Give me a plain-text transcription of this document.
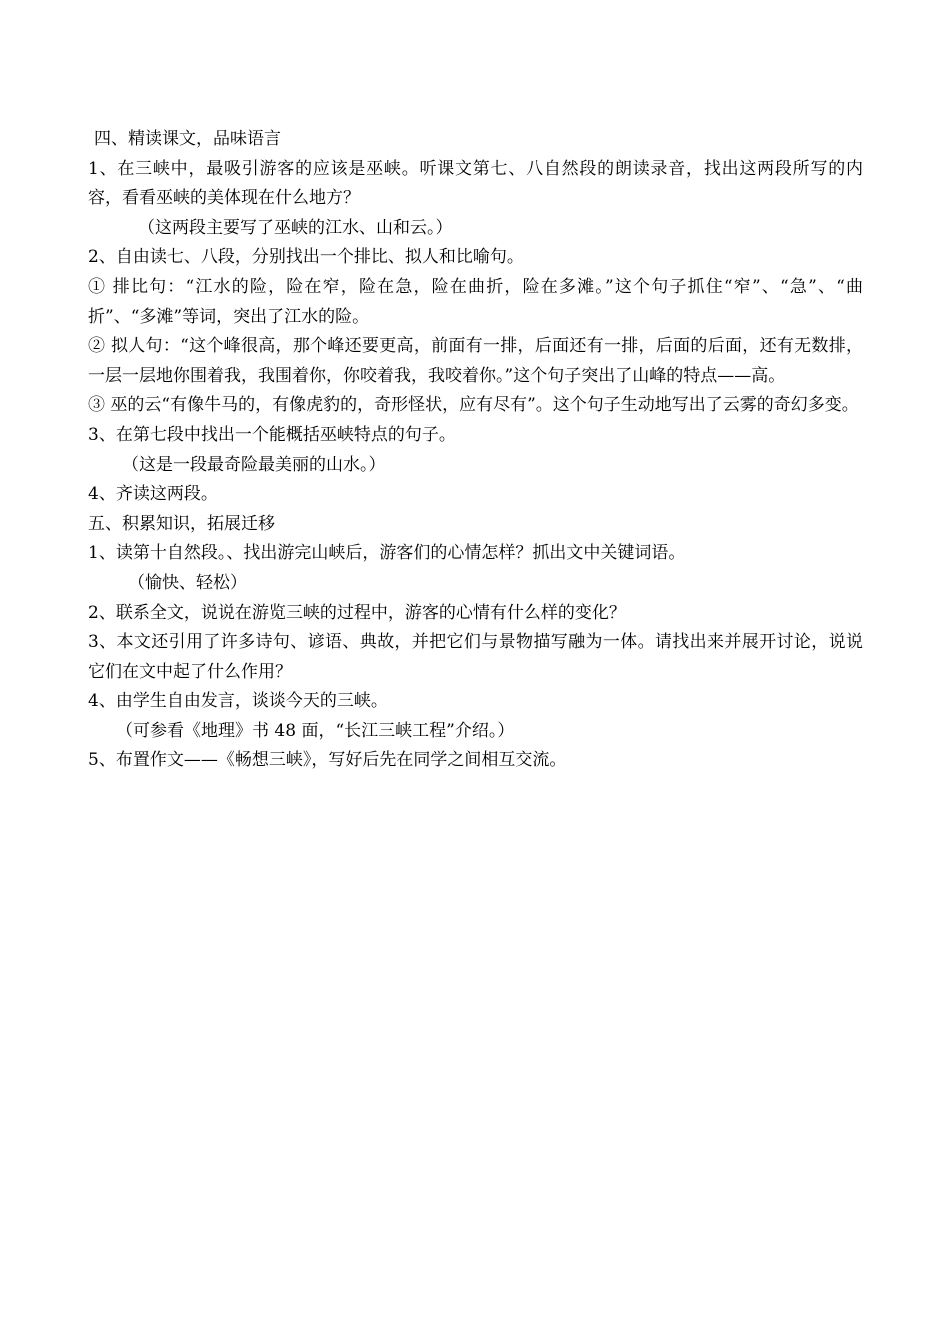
四、精读课文，品味语言

1、在三峡中，最吸引游客的应该是巫峡。听课文第七、八自然段的朗读录音，找出这两段所写的内容，看看巫峡的美体现在什么地方？

（这两段主要写了巫峡的江水、山和云。）

2、自由读七、八段，分别找出一个排比、拟人和比喻句。

① 排比句：“江水的险，险在窄，险在急，险在曲折，险在多滩。”这个句子抓住“窄”、“急”、“曲折”、“多滩”等词，突出了江水的险。

② 拟人句：“这个峰很高，那个峰还要更高，前面有一排，后面还有一排，后面的后面，还有无数排，一层一层地你围着我，我围着你，你咬着我，我咬着你。”这个句子突出了山峰的特点——高。

③ 巫的云“有像牛马的，有像虎豹的，奇形怪状，应有尽有”。这个句子生动地写出了云雾的奇幻多变。

3、在第七段中找出一个能概括巫峡特点的句子。

（这是一段最奇险最美丽的山水。）

4、齐读这两段。

五、积累知识，拓展迁移

1、读第十自然段。、找出游完山峡后，游客们的心情怎样？抓出文中关键词语。

（愉快、轻松）

2、联系全文，说说在游览三峡的过程中，游客的心情有什么样的变化？

3、本文还引用了许多诗句、谚语、典故，并把它们与景物描写融为一体。请找出来并展开讨论，说说它们在文中起了什么作用？

4、由学生自由发言，谈谈今天的三峡。

（可参看《地理》书 48 面，“长江三峡工程”介绍。）

5、布置作文——《畅想三峡》，写好后先在同学之间相互交流。
